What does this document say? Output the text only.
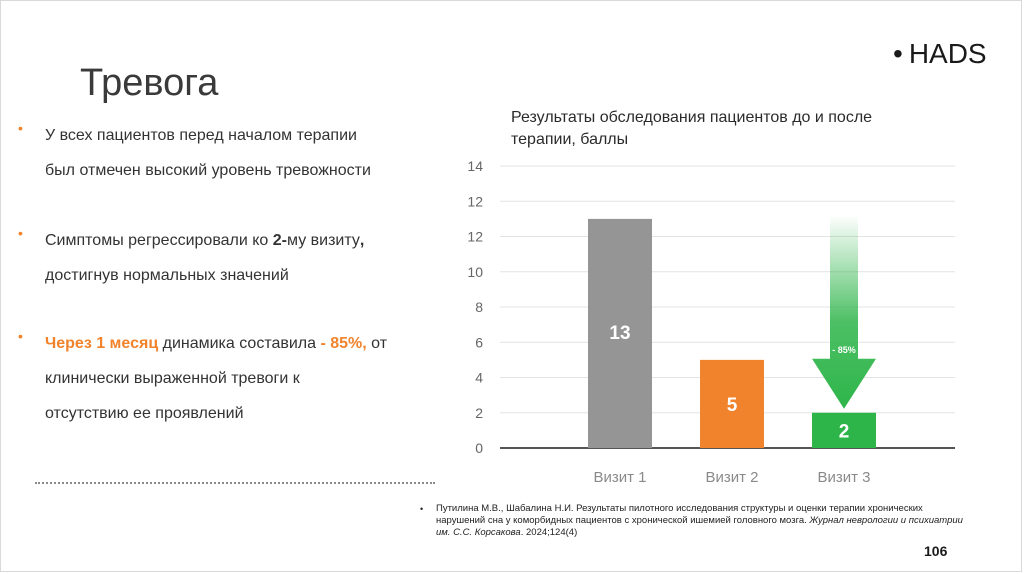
Тревога
• HADS
• У всех пациентов перед началом терапии
был отмечен высокий уровень тревожности
• Симптомы регрессировали ко 2-му визиту,
достигнув нормальных значений
• Через 1 месяц динамика составила - 85%, от
клинически выраженной тревоги к
отсутствию ее проявлений
Результаты обследования пациентов до и после терапии, баллы
0
2
4
6
8
10
12
12
14
- 85%
13
5
2
Визит 1	Визит 2	Визит 3
• Путилина М.В., Шабалина Н.И. Результаты пилотного исследования структуры и оценки терапии хронических нарушений сна у коморбидных пациентов с хронической ишемией головного мозга. Журнал неврологии и психиатрии им. С.С. Корсакова. 2024;124(4)
106
